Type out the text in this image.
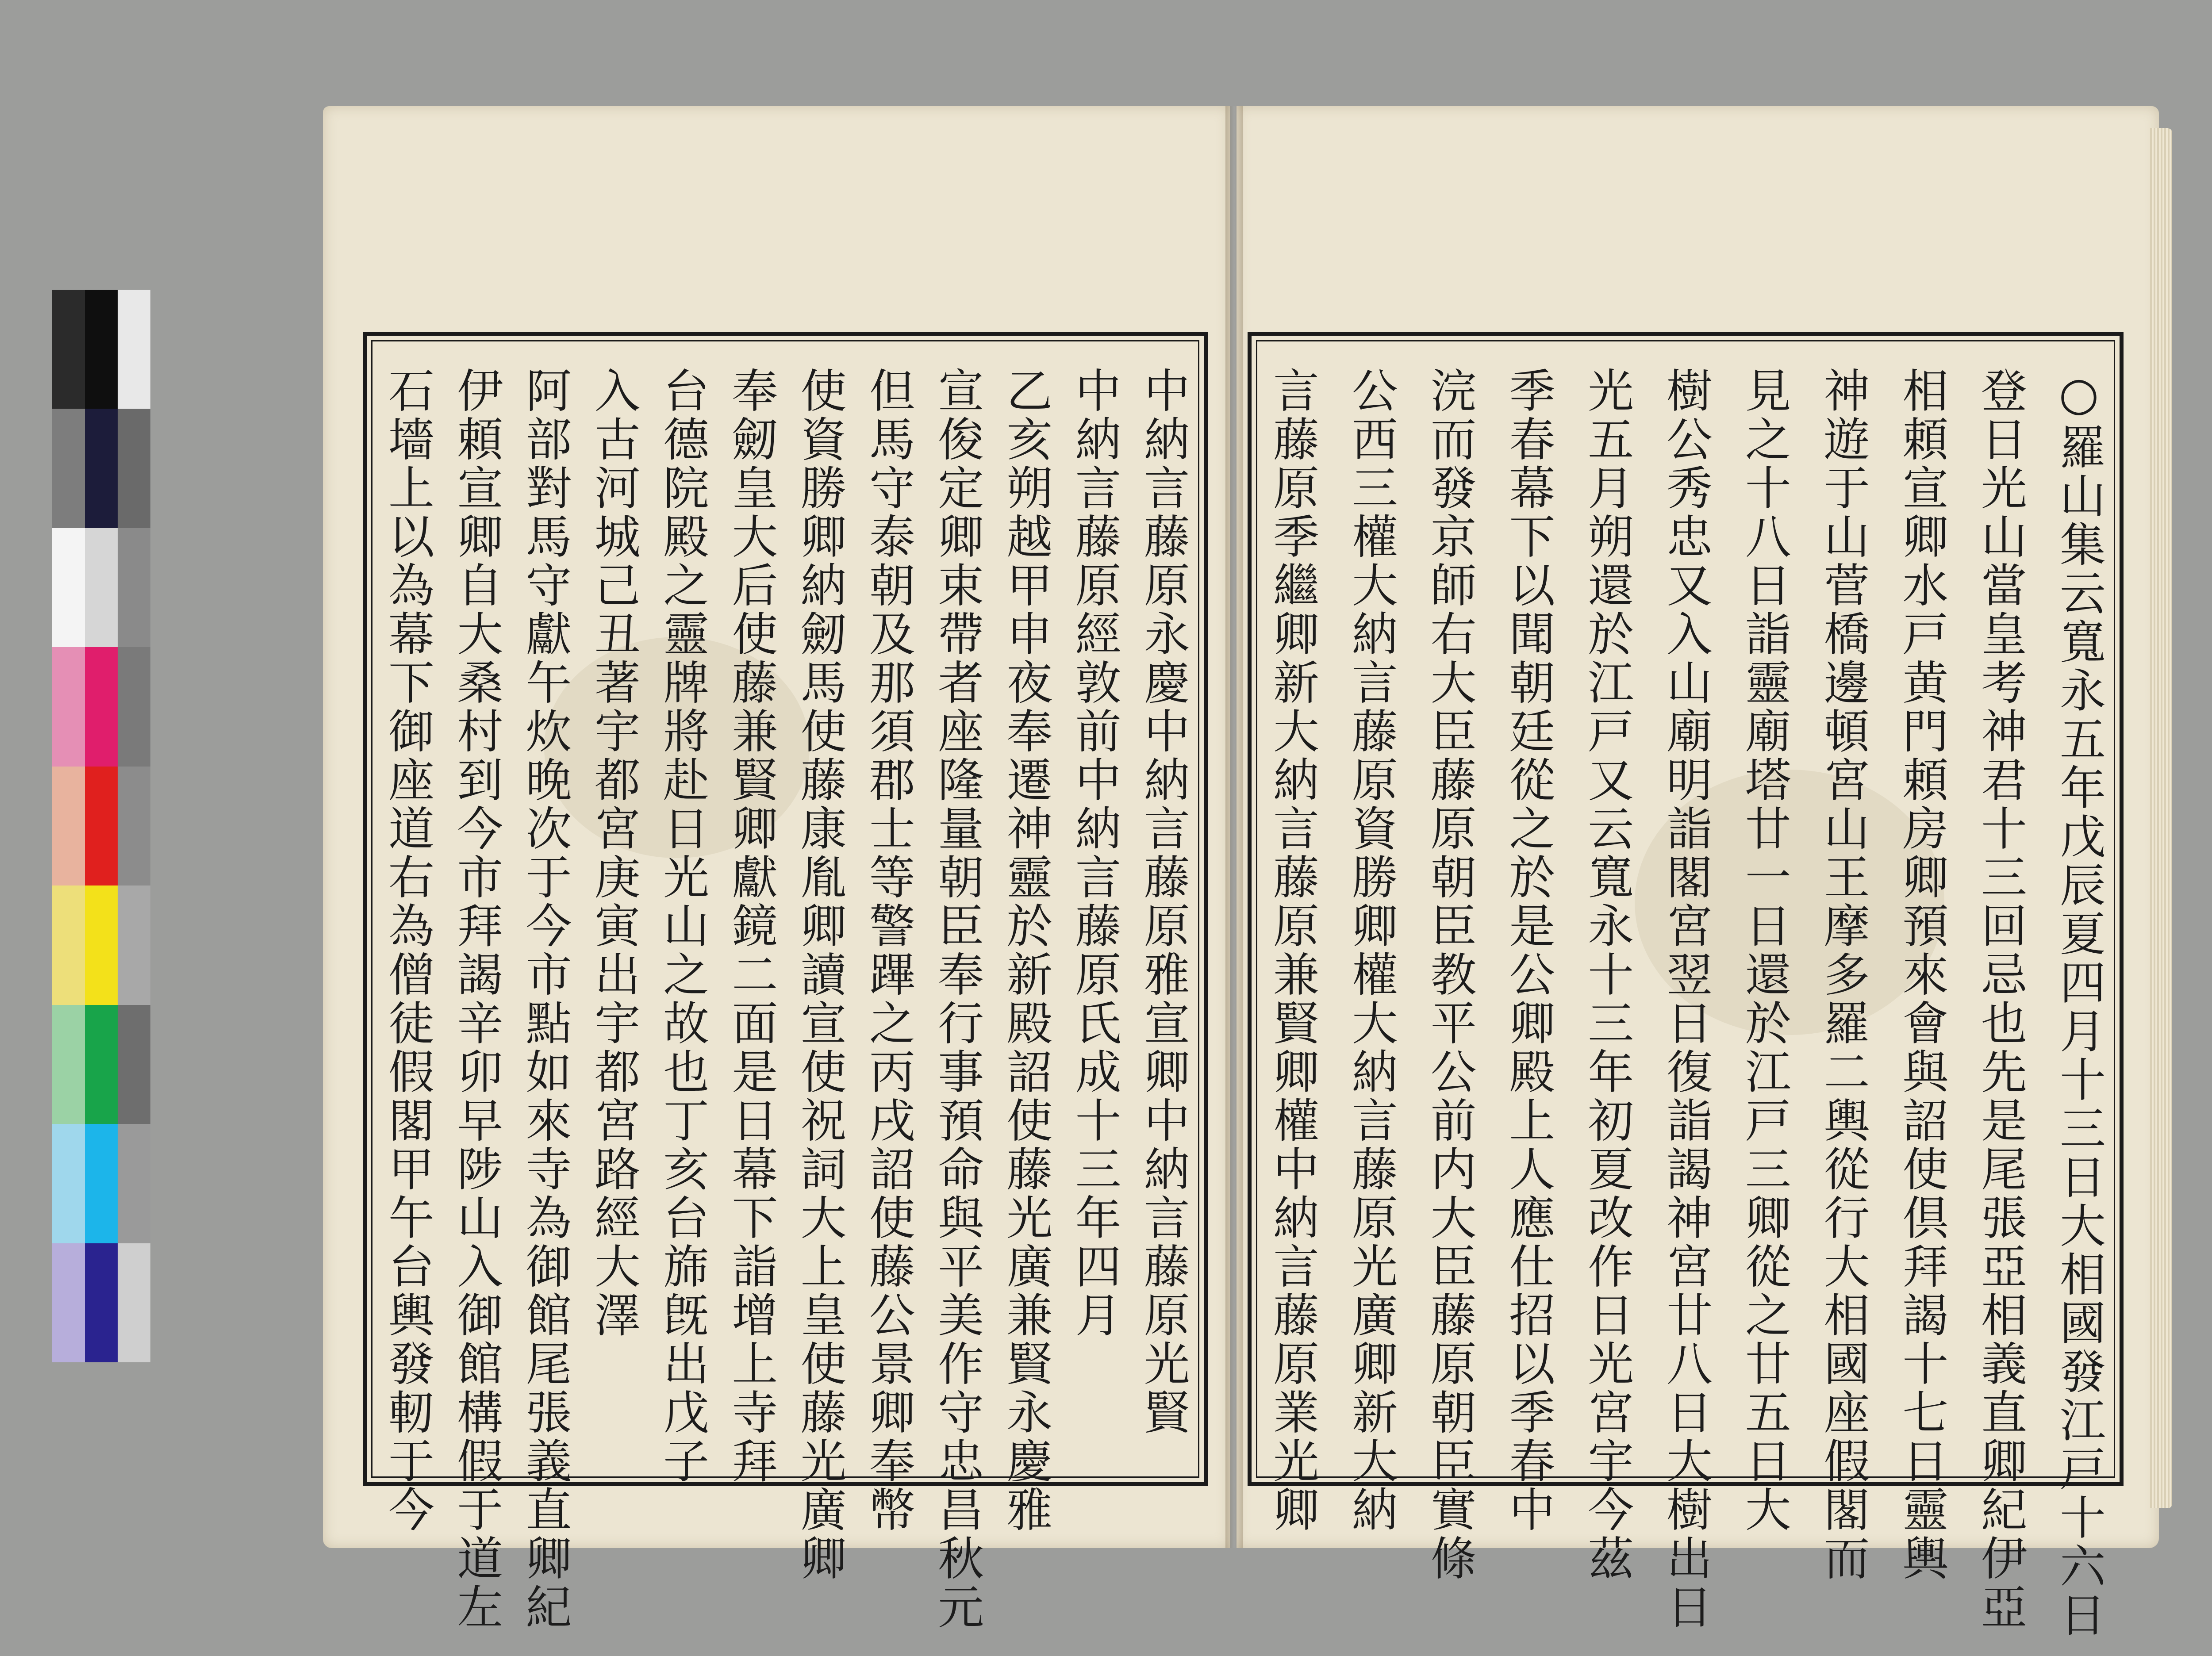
中納言藤原永慶中納言藤原雅宣卿中納言藤原光賢
中納言藤原經敦前中納言藤原氏成十三年四月
乙亥朔越甲申夜奉遷神靈於新殿詔使藤光廣兼賢永慶雅
宣俊定卿束帶者座隆量朝臣奉行事預命與平美作守忠昌秋元
但馬守泰朝及那須郡士等警蹕之丙戌詔使藤公景卿奉幣
使資勝卿納劒馬使藤康胤卿讀宣使祝詞大上皇使藤光廣卿
奉劒皇大后使藤兼賢卿獻鏡二面是日幕下詣增上寺拜
台德院殿之靈牌將赴日光山之故也丁亥台旆旣出戊子
入古河城己丑著宇都宮庚寅出宇都宮路經大澤
阿部對馬守獻午炊晚次于今市點如來寺為御館尾張義直卿紀
伊頼宣卿自大桑村到今市拜謁辛卯早陟山入御館構假于道左
石墻上以為幕下御座道右為僧徒假閣甲午台輿發軔于今	○羅山集云寬永五年戊辰夏四月十三日大相國發江戸十六日
登日光山當皇考神君十三回忌也先是尾張亞相義直卿紀伊亞
相頼宣卿水戸黄門頼房卿預來會與詔使倶拜謁十七日靈輿
神遊于山菅橋邊頓宮山王摩多羅二輿從行大相國座假閣而
見之十八日詣靈廟塔廿一日還於江戸三卿從之廿五日大
樹公秀忠又入山廟明詣閣宮翌日復詣謁神宮廿八日大樹出日
光五月朔還於江戸又云寬永十三年初夏改作日光宮宇今茲
季春幕下以聞朝廷從之於是公卿殿上人應仕招以季春中
浣而發京師右大臣藤原朝臣教平公前内大臣藤原朝臣實條
公西三權大納言藤原資勝卿權大納言藤原光廣卿新大納
言藤原季繼卿新大納言藤原兼賢卿權中納言藤原業光卿
